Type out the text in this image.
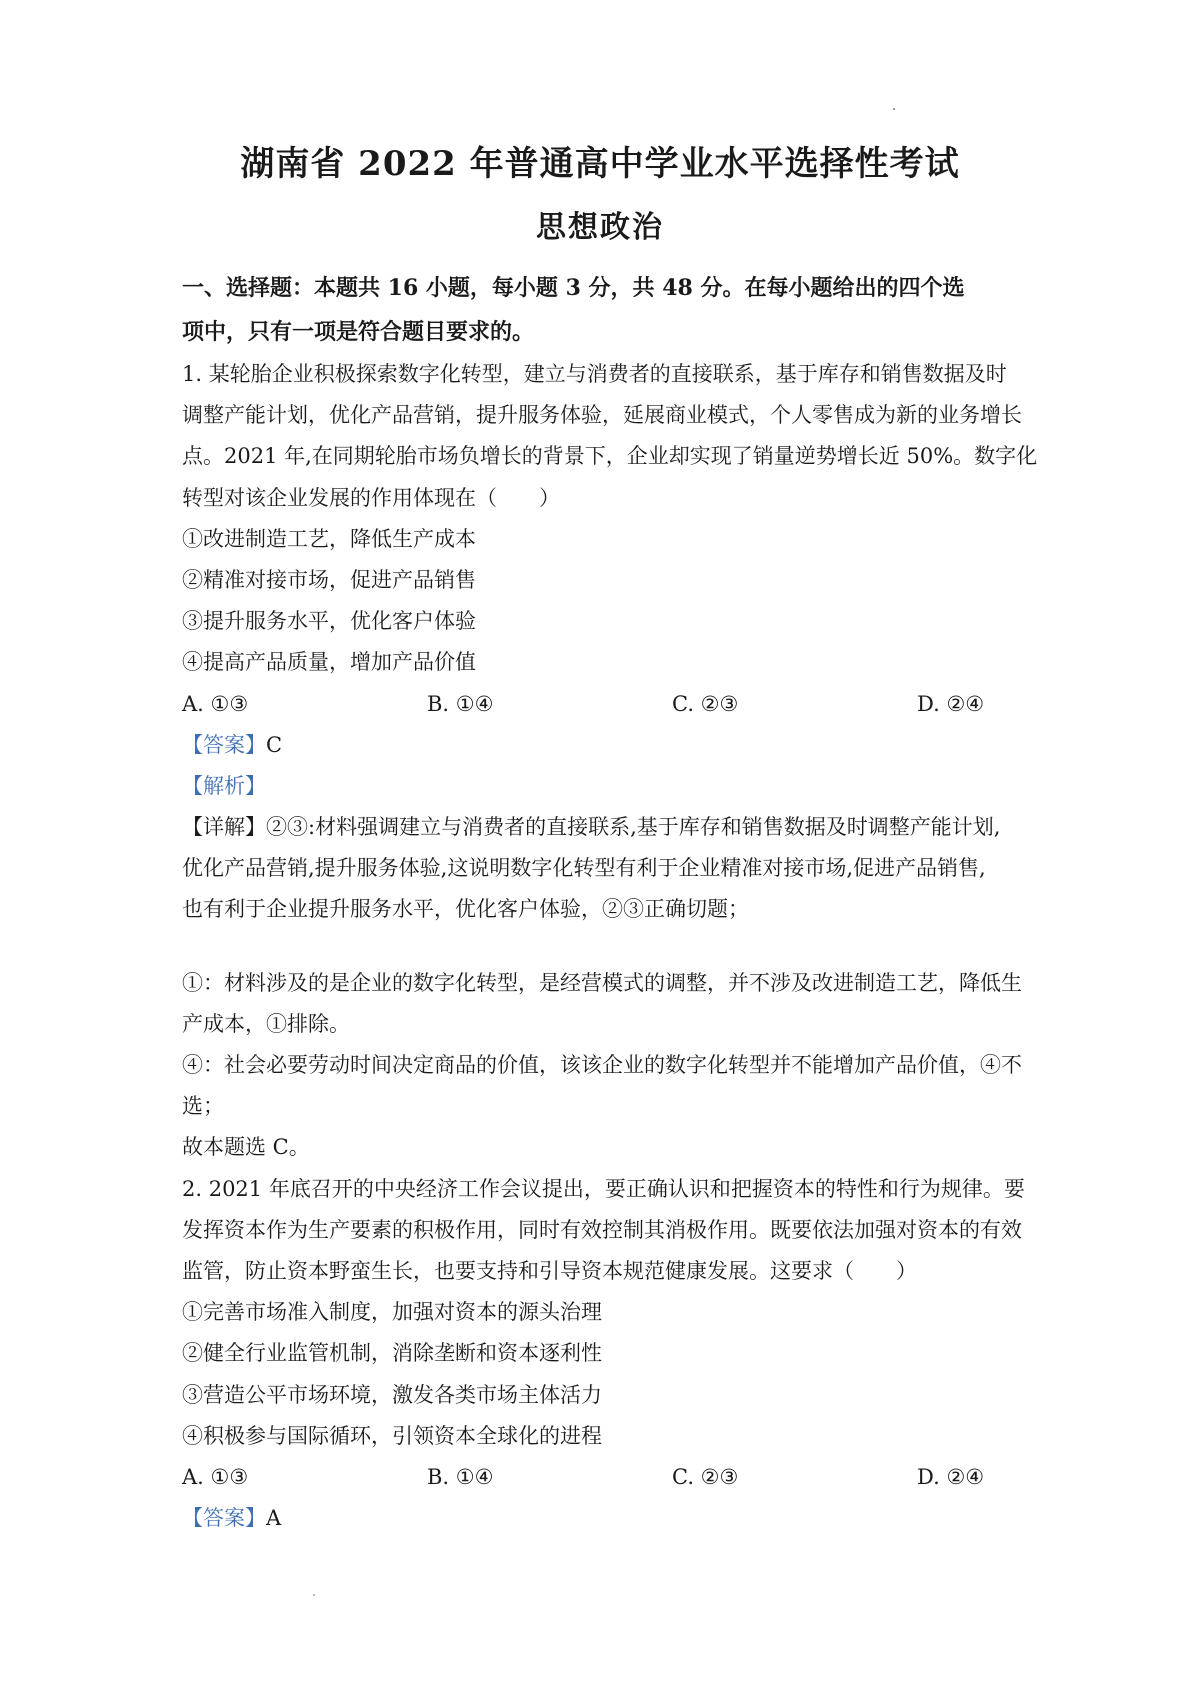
湖南省 2022 年普通高中学业水平选择性考试
思想政治
一、选择题：本题共 16 小题，每小题 3 分，共 48 分。在每小题给出的四个选
项中，只有一项是符合题目要求的。
1. 某轮胎企业积极探索数字化转型，建立与消费者的直接联系，基于库存和销售数据及时
调整产能计划，优化产品营销，提升服务体验，延展商业模式，个人零售成为新的业务增长
点。2021 年,在同期轮胎市场负增长的背景下，企业却实现了销量逆势增长近 50%。数字化
转型对该企业发展的作用体现在（　　）
①改进制造工艺，降低生产成本
②精准对接市场，促进产品销售
③提升服务水平，优化客户体验
④提高产品质量，增加产品价值
A. ①③	B. ①④	C. ②③	D. ②④
【答案】C
【解析】
【详解】②③:材料强调建立与消费者的直接联系,基于库存和销售数据及时调整产能计划,
优化产品营销,提升服务体验,这说明数字化转型有利于企业精准对接市场,促进产品销售,
也有利于企业提升服务水平，优化客户体验，②③正确切题；
①：材料涉及的是企业的数字化转型，是经营模式的调整，并不涉及改进制造工艺，降低生
产成本，①排除。
④：社会必要劳动时间决定商品的价值，该该企业的数字化转型并不能增加产品价值，④不
选；
故本题选 C。
2. 2021 年底召开的中央经济工作会议提出，要正确认识和把握资本的特性和行为规律。要
发挥资本作为生产要素的积极作用，同时有效控制其消极作用。既要依法加强对资本的有效
监管，防止资本野蛮生长，也要支持和引导资本规范健康发展。这要求（　　）
①完善市场准入制度，加强对资本的源头治理
②健全行业监管机制，消除垄断和资本逐利性
③营造公平市场环境，激发各类市场主体活力
④积极参与国际循环，引领资本全球化的进程
A. ①③	B. ①④	C. ②③	D. ②④
【答案】A
